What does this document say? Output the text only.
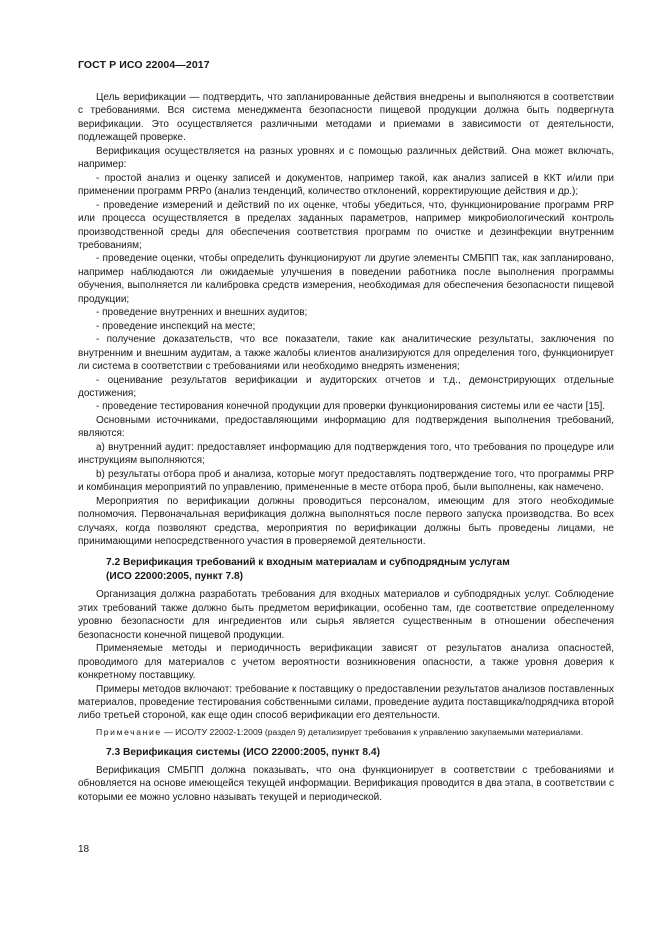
ГОСТ Р ИСО 22004—2017

Цель верификации — подтвердить, что запланированные действия внедрены и выполняются в соответствии с требованиями. Вся система менеджмента безопасности пищевой продукции должна быть подвергнута верификации. Это осуществляется различными методами и приемами в зависимости от деятельности, подлежащей проверке.

Верификация осуществляется на разных уровнях и с помощью различных действий. Она может включать, например:

- простой анализ и оценку записей и документов, например такой, как анализ записей в ККТ и/или при применении программ PRPо (анализ тенденций, количество отклонений, корректирующие действия и др.);

- проведение измерений и действий по их оценке, чтобы убедиться, что, функционирование программ PRP или процесса осуществляется в пределах заданных параметров, например микробиологический контроль производственной среды для обеспечения соответствия программ по очистке и дезинфекции внутренним требованиям;

- проведение оценки, чтобы определить функционируют ли другие элементы СМБПП так, как запланировано, например наблюдаются ли ожидаемые улучшения в поведении работника после выполнения программы обучения, выполняется ли калибровка средств измерения, необходимая для обеспечения безопасности пищевой продукции;

- проведение внутренних и внешних аудитов;

- проведение инспекций на месте;

- получение доказательств, что все показатели, такие как аналитические результаты, заключения по внутренним и внешним аудитам, а также жалобы клиентов анализируются для определения того, функционирует ли система в соответствии с требованиями или необходимо внедрять изменения;

- оценивание результатов верификации и аудиторских отчетов и т.д., демонстрирующих отдельные достижения;

- проведение тестирования конечной продукции для проверки функционирования системы или ее части [15].

Основными источниками, предоставляющими информацию для подтверждения выполнения требований, являются:

а) внутренний аудит: предоставляет информацию для подтверждения того, что требования по процедуре или инструкциям выполняются;

b) результаты отбора проб и анализа, которые могут предоставлять подтверждение того, что программы PRP и комбинация мероприятий по управлению, примененные в месте отбора проб, были выполнены, как намечено.

Мероприятия по верификации должны проводиться персоналом, имеющим для этого необходимые полномочия. Первоначальная верификация должна выполняться после первого запуска производства. Во всех случаях, когда позволяют средства, мероприятия по верификации должны быть проведены лицами, не принимающими непосредственного участия в проверяемой деятельности.

7.2 Верификация требований к входным материалам и субподрядным услугам
(ИСО 22000:2005, пункт 7.8)

Организация должна разработать требования для входных материалов и субподрядных услуг. Соблюдение этих требований также должно быть предметом верификации, особенно там, где соответствие определенному уровню безопасности для ингредиентов или сырья является существенным в отношении обеспечения безопасности конечной пищевой продукции.

Применяемые методы и периодичность верификации зависят от результатов анализа опасностей, проводимого для материалов с учетом вероятности возникновения опасности, а также уровня доверия к конкретному поставщику.

Примеры методов включают: требование к поставщику о предоставлении результатов анализов поставленных материалов, проведение тестирования собственными силами, проведение аудита поставщика/подрядчика второй либо третьей стороной, как еще один способ верификации его деятельности.

Примечание — ИСО/ТУ 22002-1:2009 (раздел 9) детализирует требования к управлению закупаемыми материалами.

7.3 Верификация системы (ИСО 22000:2005, пункт 8.4)

Верификация СМБПП должна показывать, что она функционирует в соответствии с требованиями и обновляется на основе имеющейся текущей информации. Верификация проводится в два этапа, в соответствии с которыми ее можно условно называть текущей и периодической.

18
